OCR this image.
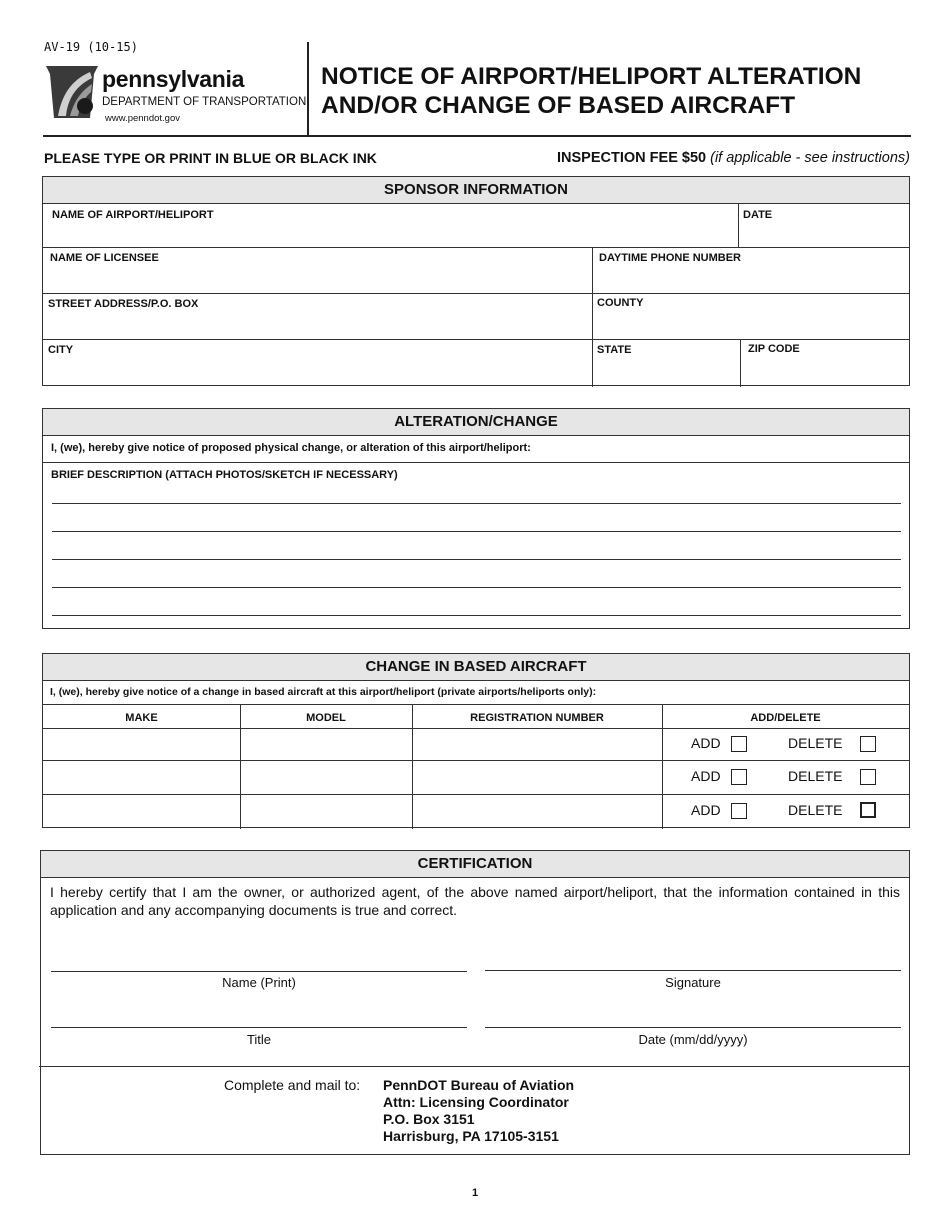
AV-19 (10-15)
pennsylvania
DEPARTMENT OF TRANSPORTATION
www.penndot.gov
NOTICE OF AIRPORT/HELIPORT ALTERATION
AND/OR CHANGE OF BASED AIRCRAFT
PLEASE TYPE OR PRINT IN BLUE OR BLACK INK	INSPECTION FEE $50 (if applicable - see instructions)
SPONSOR INFORMATION
NAME OF AIRPORT/HELIPORT	DATE
NAME OF LICENSEE	DAYTIME PHONE NUMBER
STREET ADDRESS/P.O. BOX	COUNTY
CITY	STATE	ZIP CODE
ALTERATION/CHANGE
I, (we), hereby give notice of proposed physical change, or alteration of this airport/heliport:
BRIEF DESCRIPTION (ATTACH PHOTOS/SKETCH IF NECESSARY)
CHANGE IN BASED AIRCRAFT
I, (we), hereby give notice of a change in based aircraft at this airport/heliport (private airports/heliports only):
MAKE	MODEL	REGISTRATION NUMBER	ADD/DELETE
ADD	DELETE
ADD	DELETE
ADD	DELETE
CERTIFICATION
I hereby certify that I am the owner, or authorized agent, of the above named airport/heliport, that the information contained in this application and any accompanying documents is true and correct.
Name (Print)	Signature
Title	Date (mm/dd/yyyy)
Complete and mail to: PennDOT Bureau of Aviation
Attn: Licensing Coordinator
P.O. Box 3151
Harrisburg, PA 17105-3151
1
